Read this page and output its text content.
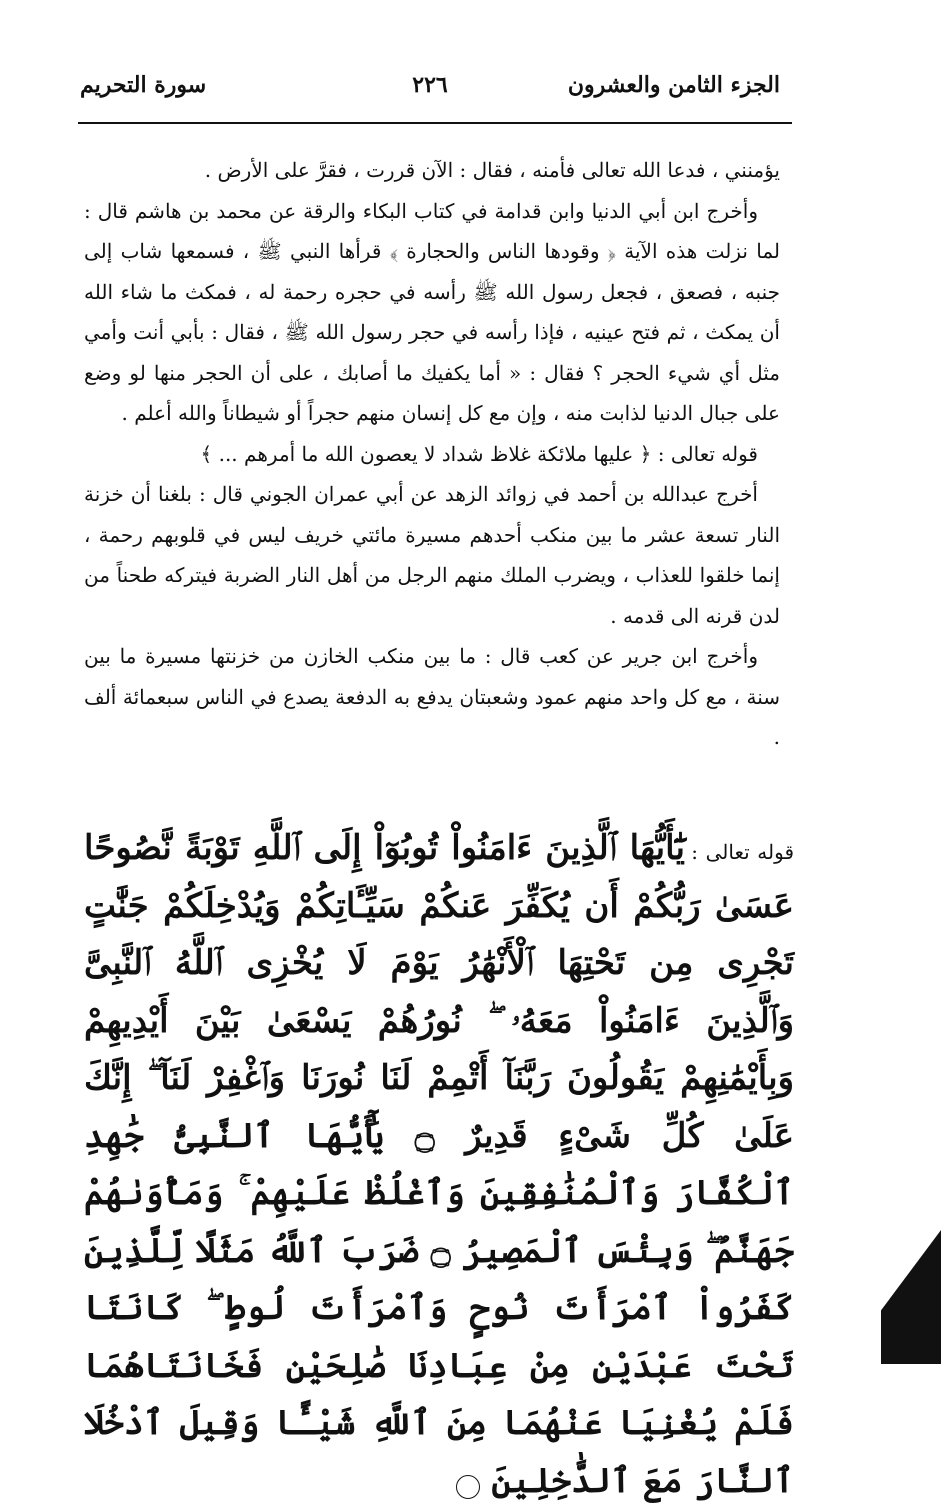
الجزء الثامن والعشرون
٢٢٦
سورة التحريم

يؤمنني ، فدعا الله تعالى فأمنه ، فقال : الآن قررت ، فقرَّ على الأرض .

وأخرج ابن أبي الدنيا وابن قدامة في كتاب البكاء والرقة عن محمد بن هاشم قال : لما نزلت هذه الآية ﴿ وقودها الناس والحجارة ﴾ قرأها النبي ﷺ ، فسمعها شاب إلى جنبه ، فصعق ، فجعل رسول الله ﷺ رأسه في حجره رحمة له ، فمكث ما شاء الله أن يمكث ، ثم فتح عينيه ، فإذا رأسه في حجر رسول الله ﷺ ، فقال : بأبي أنت وأمي مثل أي شيء الحجر ؟ فقال : « أما يكفيك ما أصابك ، على أن الحجر منها لو وضع على جبال الدنيا لذابت منه ، وإن مع كل إنسان منهم حجراً أو شيطاناً والله أعلم .

قوله تعالى : ﴿ عليها ملائكة غلاظ شداد لا يعصون الله ما أمرهم ... ﴾

أخرج عبدالله بن أحمد في زوائد الزهد عن أبي عمران الجوني قال : بلغنا أن خزنة النار تسعة عشر ما بين منكب أحدهم مسيرة مائتي خريف ليس في قلوبهم رحمة ، إنما خلقوا للعذاب ، ويضرب الملك منهم الرجل من أهل النار الضربة فيتركه طحناً من لدن قرنه الى قدمه .

وأخرج ابن جرير عن كعب قال : ما بين منكب الخازن من خزنتها مسيرة ما بين سنة ، مع كل واحد منهم عمود وشعبتان يدفع به الدفعة يصدع في الناس سبعمائة ألف .

قوله تعالى : يَٰٓأَيُّهَا ٱلَّذِينَ ءَامَنُواْ تُوبُوٓاْ إِلَى ٱللَّهِ تَوْبَةً نَّصُوحًا عَسَىٰ رَبُّكُمْ أَن يُكَفِّرَ عَنكُمْ سَيِّـَٔاتِكُمْ وَيُدْخِلَكُمْ جَنَّٰتٍ تَجْرِى مِن تَحْتِهَا ٱلْأَنْهَٰرُ يَوْمَ لَا يُخْزِى ٱللَّهُ ٱلنَّبِىَّ وَٱلَّذِينَ ءَامَنُواْ مَعَهُۥ ۖ نُورُهُمْ يَسْعَىٰ بَيْنَ أَيْدِيهِمْ وَبِأَيْمَٰنِهِمْ يَقُولُونَ رَبَّنَآ أَتْمِمْ لَنَا نُورَنَا وَٱغْفِرْ لَنَآ ۖ إِنَّكَ عَلَىٰ كُلِّ شَىْءٍ قَدِيرٌ ۝ يَٰٓأَيُّهَا ٱلنَّبِىُّ جَٰهِدِ ٱلْكُفَّارَ وَٱلْمُنَٰفِقِينَ وَٱغْلُظْ عَلَيْهِمْ ۚ وَمَأْوَىٰهُمْ جَهَنَّمُ ۖ وَبِئْسَ ٱلْمَصِيرُ ۝ ضَرَبَ ٱللَّهُ مَثَلًا لِّلَّذِينَ كَفَرُواْ ٱمْرَأَتَ نُوحٍ وَٱمْرَأَتَ لُوطٍ ۖ كَانَتَا تَحْتَ عَبْدَيْنِ مِنْ عِبَادِنَا صَٰلِحَيْنِ فَخَانَتَاهُمَا فَلَمْ يُغْنِيَا عَنْهُمَا مِنَ ٱللَّهِ شَيْـًٔا وَقِيلَ ٱدْخُلَا ٱلنَّارَ مَعَ ٱلدَّٰخِلِينَ
